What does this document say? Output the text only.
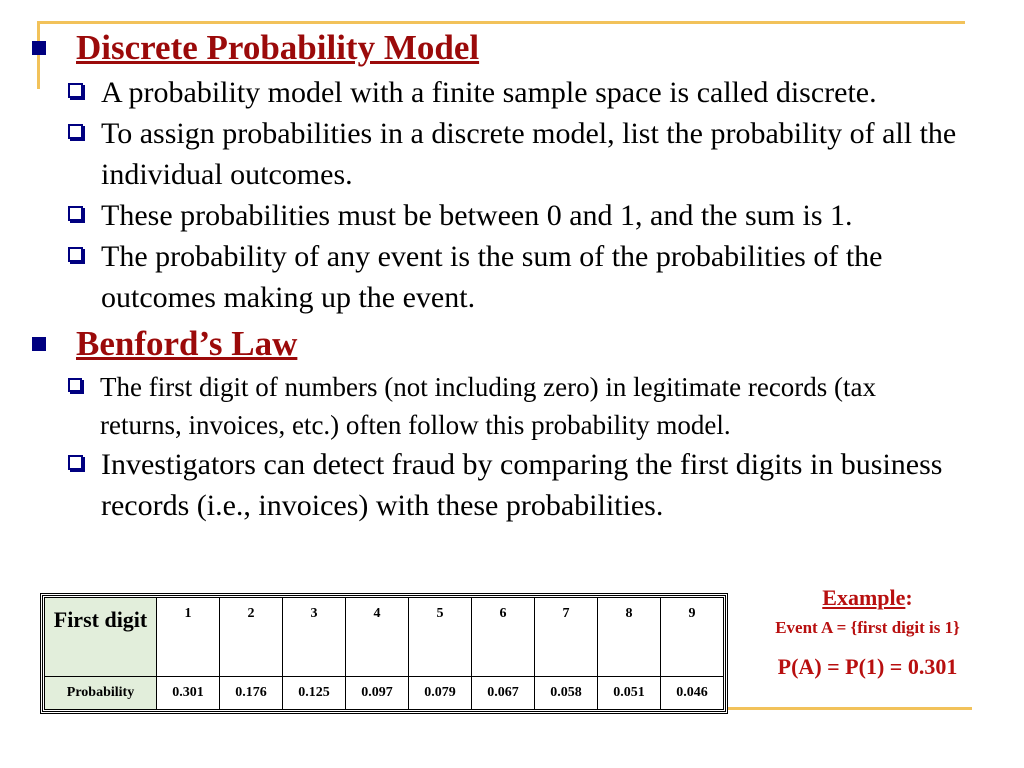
Discrete Probability Model
A probability model with a finite sample space is called discrete.
To assign probabilities in a discrete model, list the probability of all the individual outcomes.
These probabilities must be between 0 and 1, and the sum is 1.
The probability of any event is the sum of the probabilities of the outcomes making up the event.
Benford’s Law
The first digit of numbers (not including zero) in legitimate records (tax returns, invoices, etc.) often follow this probability model.
Investigators can detect fraud by comparing the first digits in business records (i.e., invoices) with these probabilities.
First digit	1	2	3	4	5	6	7	8	9
Probability	0.301	0.176	0.125	0.097	0.079	0.067	0.058	0.051	0.046
Example:
Event A = {first digit is 1}
P(A) = P(1) = 0.301
